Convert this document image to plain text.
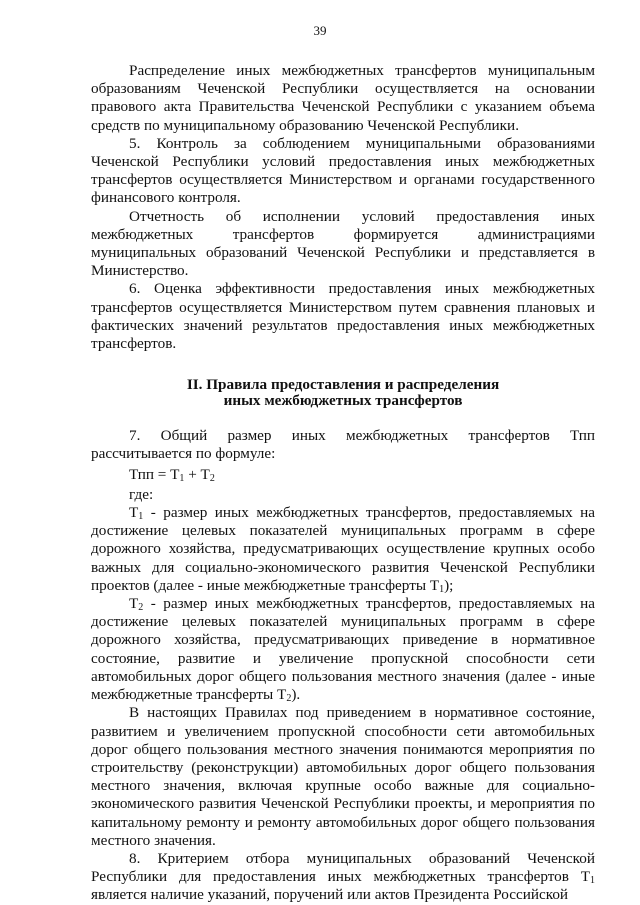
39

Распределение иных межбюджетных трансфертов муниципальным образованиям Чеченской Республики осуществляется на основании правового акта Правительства Чеченской Республики с указанием объема средств по муниципальному образованию Чеченской Республики.

5. Контроль за соблюдением муниципальными образованиями Чеченской Республики условий предоставления иных межбюджетных трансфертов осуществляется Министерством и органами государственного финансового контроля.

Отчетность об исполнении условий предоставления иных межбюджетных трансфертов формируется администрациями муниципальных образований Чеченской Республики и представляется в Министерство.

6. Оценка эффективности предоставления иных межбюджетных трансфертов осуществляется Министерством путем сравнения плановых и фактических значений результатов предоставления иных межбюджетных трансфертов.

II. Правила предоставления и распределения
иных межбюджетных трансфертов

7. Общий размер иных межбюджетных трансфертов Тпп рассчитывается по формуле:

Тпп = $Т_1 + Т_2$

где:

$Т_1$ - размер иных межбюджетных трансфертов, предоставляемых на достижение целевых показателей муниципальных программ в сфере дорожного хозяйства, предусматривающих осуществление крупных особо важных для социально-экономического развития Чеченской Республики проектов (далее - иные межбюджетные трансферты $Т_1$);

$Т_2$ - размер иных межбюджетных трансфертов, предоставляемых на достижение целевых показателей муниципальных программ в сфере дорожного хозяйства, предусматривающих приведение в нормативное состояние, развитие и увеличение пропускной способности сети автомобильных дорог общего пользования местного значения (далее - иные межбюджетные трансферты $Т_2$).

В настоящих Правилах под приведением в нормативное состояние, развитием и увеличением пропускной способности сети автомобильных дорог общего пользования местного значения понимаются мероприятия по строительству (реконструкции) автомобильных дорог общего пользования местного значения, включая крупные особо важные для социально-экономического развития Чеченской Республики проекты, и мероприятия по капитальному ремонту и ремонту автомобильных дорог общего пользования местного значения.

8. Критерием отбора муниципальных образований Чеченской Республики для предоставления иных межбюджетных трансфертов $Т_1$ является наличие указаний, поручений или актов Президента Российской
